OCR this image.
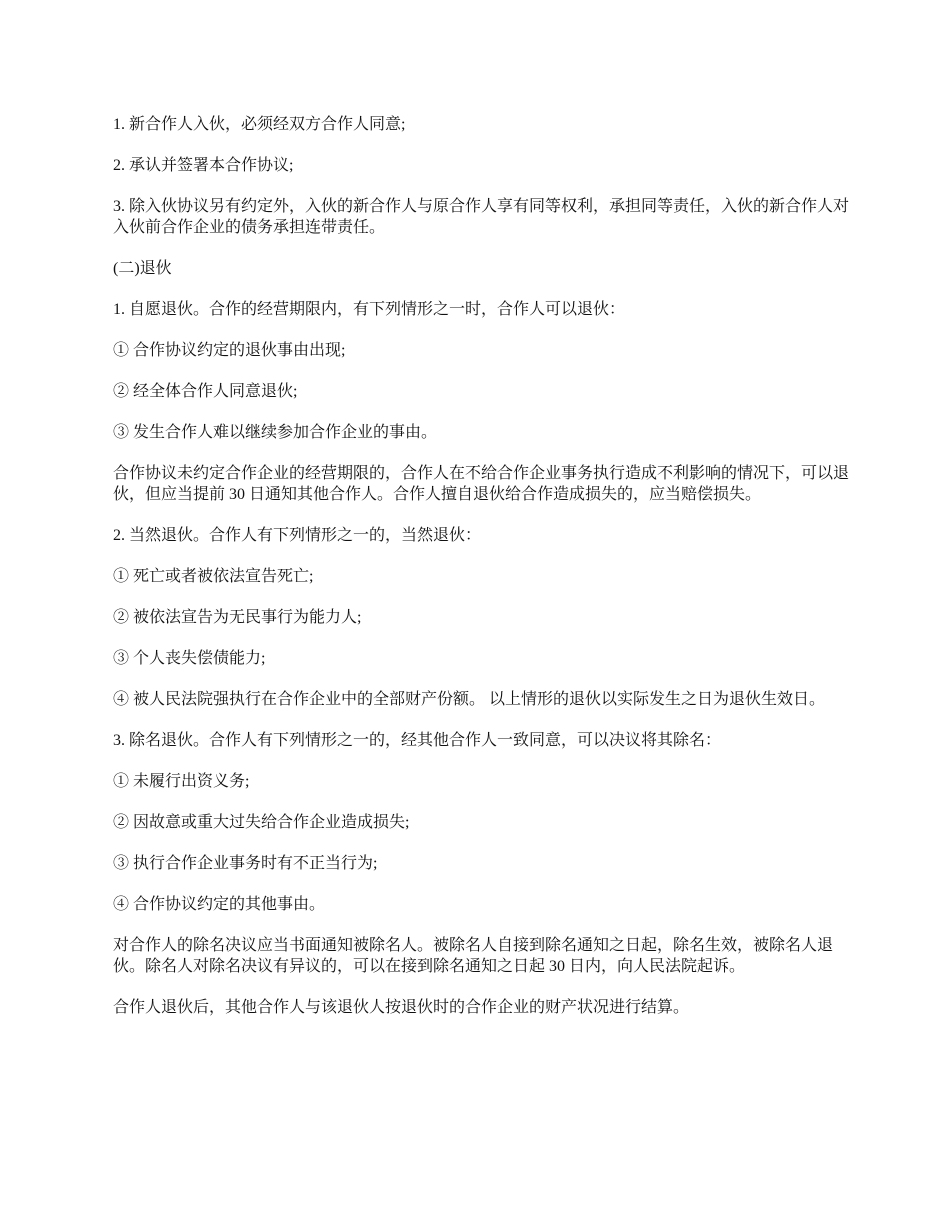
1. 新合作人入伙，必须经双方合作人同意;

2. 承认并签署本合作协议;

3. 除入伙协议另有约定外，入伙的新合作人与原合作人享有同等权利，承担同等责任，入伙的新合作人对入伙前合作企业的债务承担连带责任。

(二)退伙

1. 自愿退伙。合作的经营期限内，有下列情形之一时，合作人可以退伙：

① 合作协议约定的退伙事由出现;

② 经全体合作人同意退伙;

③ 发生合作人难以继续参加合作企业的事由。

合作协议未约定合作企业的经营期限的，合作人在不给合作企业事务执行造成不利影响的情况下，可以退伙，但应当提前 30 日通知其他合作人。合作人擅自退伙给合作造成损失的，应当赔偿损失。

2. 当然退伙。合作人有下列情形之一的，当然退伙：

① 死亡或者被依法宣告死亡;

② 被依法宣告为无民事行为能力人;

③ 个人丧失偿债能力;

④ 被人民法院强执行在合作企业中的全部财产份额。 以上情形的退伙以实际发生之日为退伙生效日。

3. 除名退伙。合作人有下列情形之一的，经其他合作人一致同意，可以决议将其除名：

① 未履行出资义务;

② 因故意或重大过失给合作企业造成损失;

③ 执行合作企业事务时有不正当行为;

④ 合作协议约定的其他事由。

对合作人的除名决议应当书面通知被除名人。被除名人自接到除名通知之日起，除名生效，被除名人退伙。除名人对除名决议有异议的，可以在接到除名通知之日起 30 日内，向人民法院起诉。

合作人退伙后，其他合作人与该退伙人按退伙时的合作企业的财产状况进行结算。
